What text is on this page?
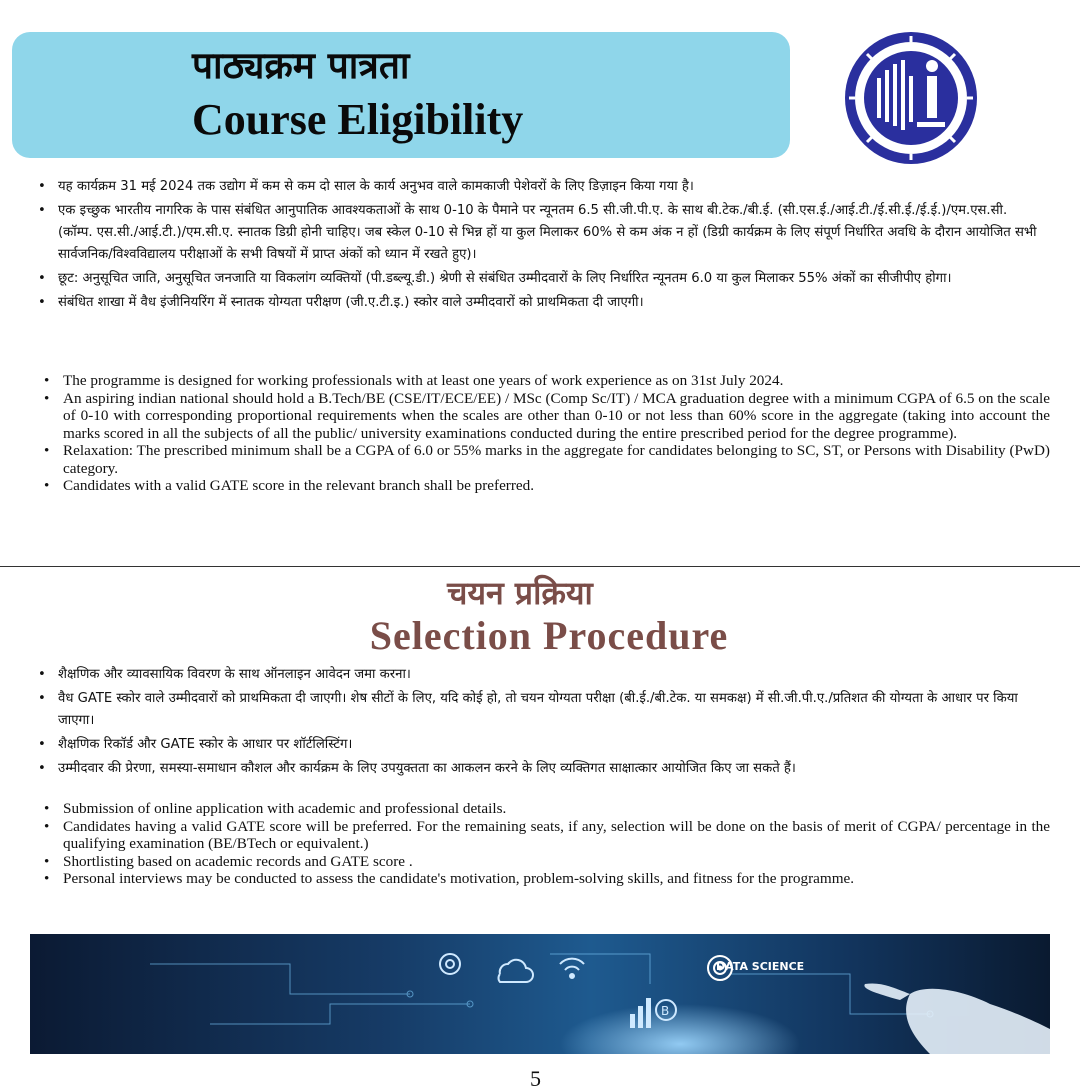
पाठ्यक्रम पात्रता
Course Eligibility
• यह कार्यक्रम 31 मई 2024 तक उद्योग में कम से कम दो साल के कार्य अनुभव वाले कामकाजी पेशेवरों के लिए डिज़ाइन किया गया है।
• एक इच्छुक भारतीय नागरिक के पास संबंधित आनुपातिक आवश्यकताओं के साथ 0-10 के पैमाने पर न्यूनतम 6.5 सी.जी.पी.ए. के साथ बी.टेक./बी.ई. (सी.एस.ई./आई.टी./ई.सी.ई./ई.ई.)/एम.एस.सी. (कॉम्प. एस.सी./आई.टी.)/एम.सी.ए. स्नातक डिग्री होनी चाहिए। जब स्केल 0-10 से भिन्न हों या कुल मिलाकर 60% से कम अंक न हों (डिग्री कार्यक्रम के लिए संपूर्ण निर्धारित अवधि के दौरान आयोजित सभी सार्वजनिक/विश्वविद्यालय परीक्षाओं के सभी विषयों में प्राप्त अंकों को ध्यान में रखते हुए)।
• छूट: अनुसूचित जाति, अनुसूचित जनजाति या विकलांग व्यक्तियों (पी.डब्ल्यू.डी.) श्रेणी से संबंधित उम्मीदवारों के लिए निर्धारित न्यूनतम 6.0 या कुल मिलाकर 55% अंकों का सीजीपीए होगा।
• संबंधित शाखा में वैध इंजीनियरिंग में स्नातक योग्यता परीक्षण (जी.ए.टी.इ.) स्कोर वाले उम्मीदवारों को प्राथमिकता दी जाएगी।
• The programme is designed for working professionals with at least one years of work experience as on 31st July 2024.
• An aspiring indian national should hold a B.Tech/BE (CSE/IT/ECE/EE) / MSc (Comp Sc/IT) / MCA graduation degree with a minimum CGPA of 6.5 on the scale of 0-10 with corresponding proportional requirements when the scales are other than 0-10 or not less than 60% score in the aggregate (taking into account the marks scored in all the subjects of all the public/ university examinations conducted during the entire prescribed period for the degree programme).
• Relaxation: The prescribed minimum shall be a CGPA of 6.0 or 55% marks in the aggregate for candidates belonging to SC, ST, or Persons with Disability (PwD) category.
• Candidates with a valid GATE score in the relevant branch shall be preferred.
चयन प्रक्रिया
Selection Procedure
• शैक्षणिक और व्यावसायिक विवरण के साथ ऑनलाइन आवेदन जमा करना।
• वैध GATE स्कोर वाले उम्मीदवारों को प्राथमिकता दी जाएगी। शेष सीटों के लिए, यदि कोई हो, तो चयन योग्यता परीक्षा (बी.ई./बी.टेक. या समकक्ष) में सी.जी.पी.ए./प्रतिशत की योग्यता के आधार पर किया जाएगा।
• शैक्षणिक रिकॉर्ड और GATE स्कोर के आधार पर शॉर्टलिस्टिंग।
• उम्मीदवार की प्रेरणा, समस्या-समाधान कौशल और कार्यक्रम के लिए उपयुक्तता का आकलन करने के लिए व्यक्तिगत साक्षात्कार आयोजित किए जा सकते हैं।
• Submission of online application with academic and professional details.
• Candidates having a valid GATE score will be preferred. For the remaining seats, if any, selection will be done on the basis of merit of CGPA/ percentage in the qualifying examination (BE/BTech or equivalent.)
• Shortlisting based on academic records and GATE score .
• Personal interviews may be conducted to assess the candidate's motivation, problem-solving skills, and fitness for the programme.
B
DATA SCIENCE
5
